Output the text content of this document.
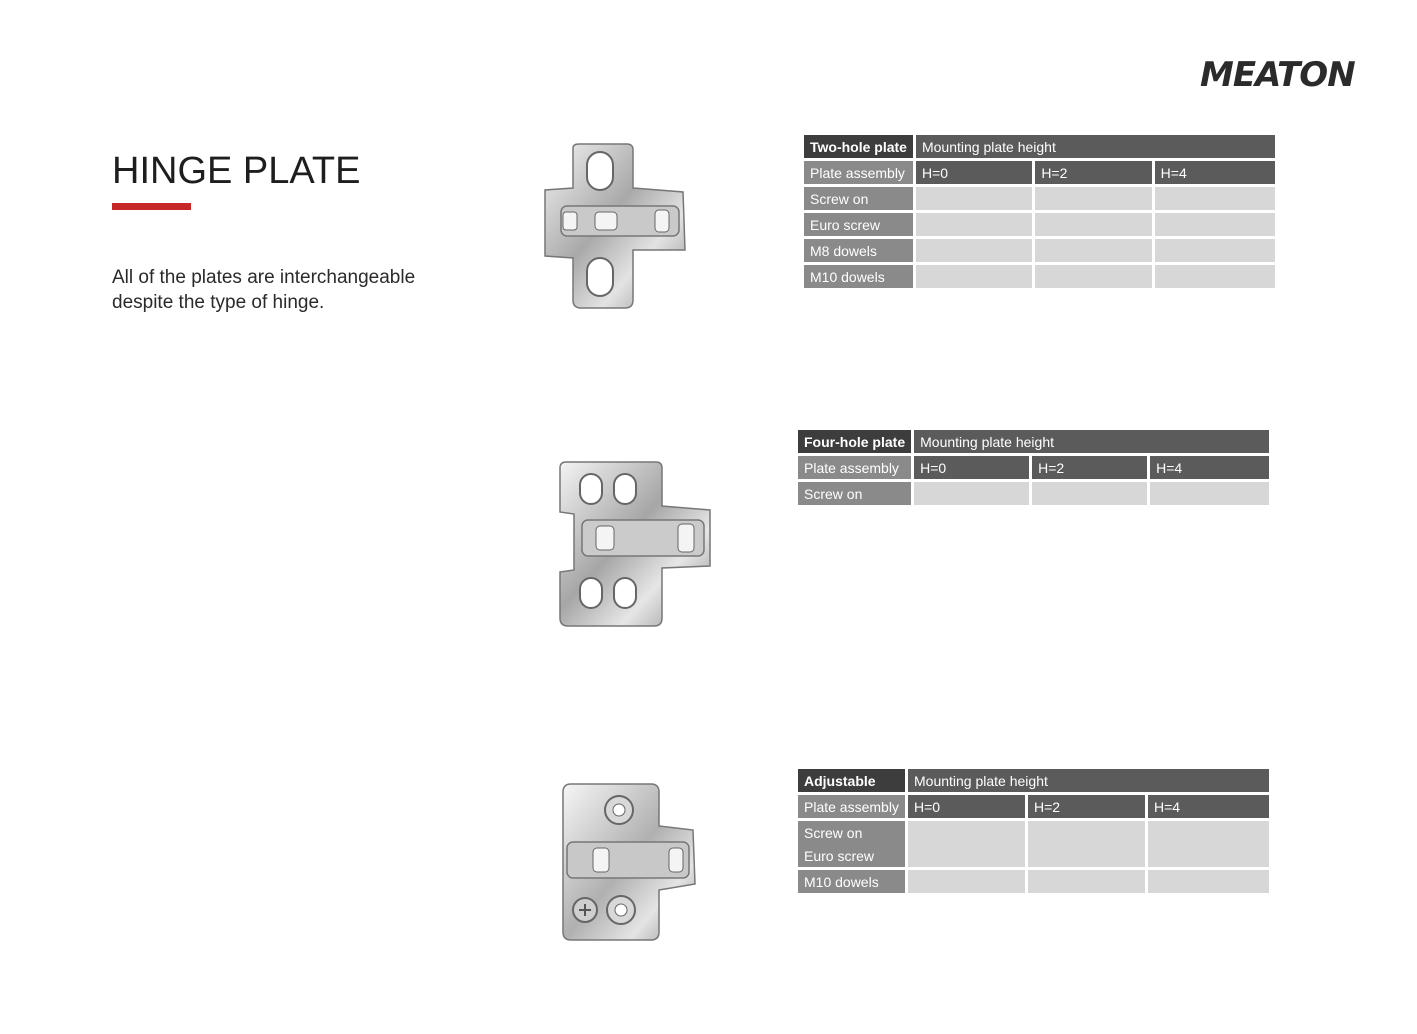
MEATON
HINGE PLATE
All of the plates are interchangeable
despite the type of hinge.
Two-hole plate	Mounting plate height		
Plate assembly	H=0	H=2	H=4
Screw on			
Euro screw			
M8 dowels			
M10 dowels			
Four-hole plate	Mounting plate height		
Plate assembly	H=0	H=2	H=4
Screw on			
Adjustable	Mounting plate height		
Plate assembly	H=0	H=2	H=4
Screw on			
Euro screw			
M10 dowels			
